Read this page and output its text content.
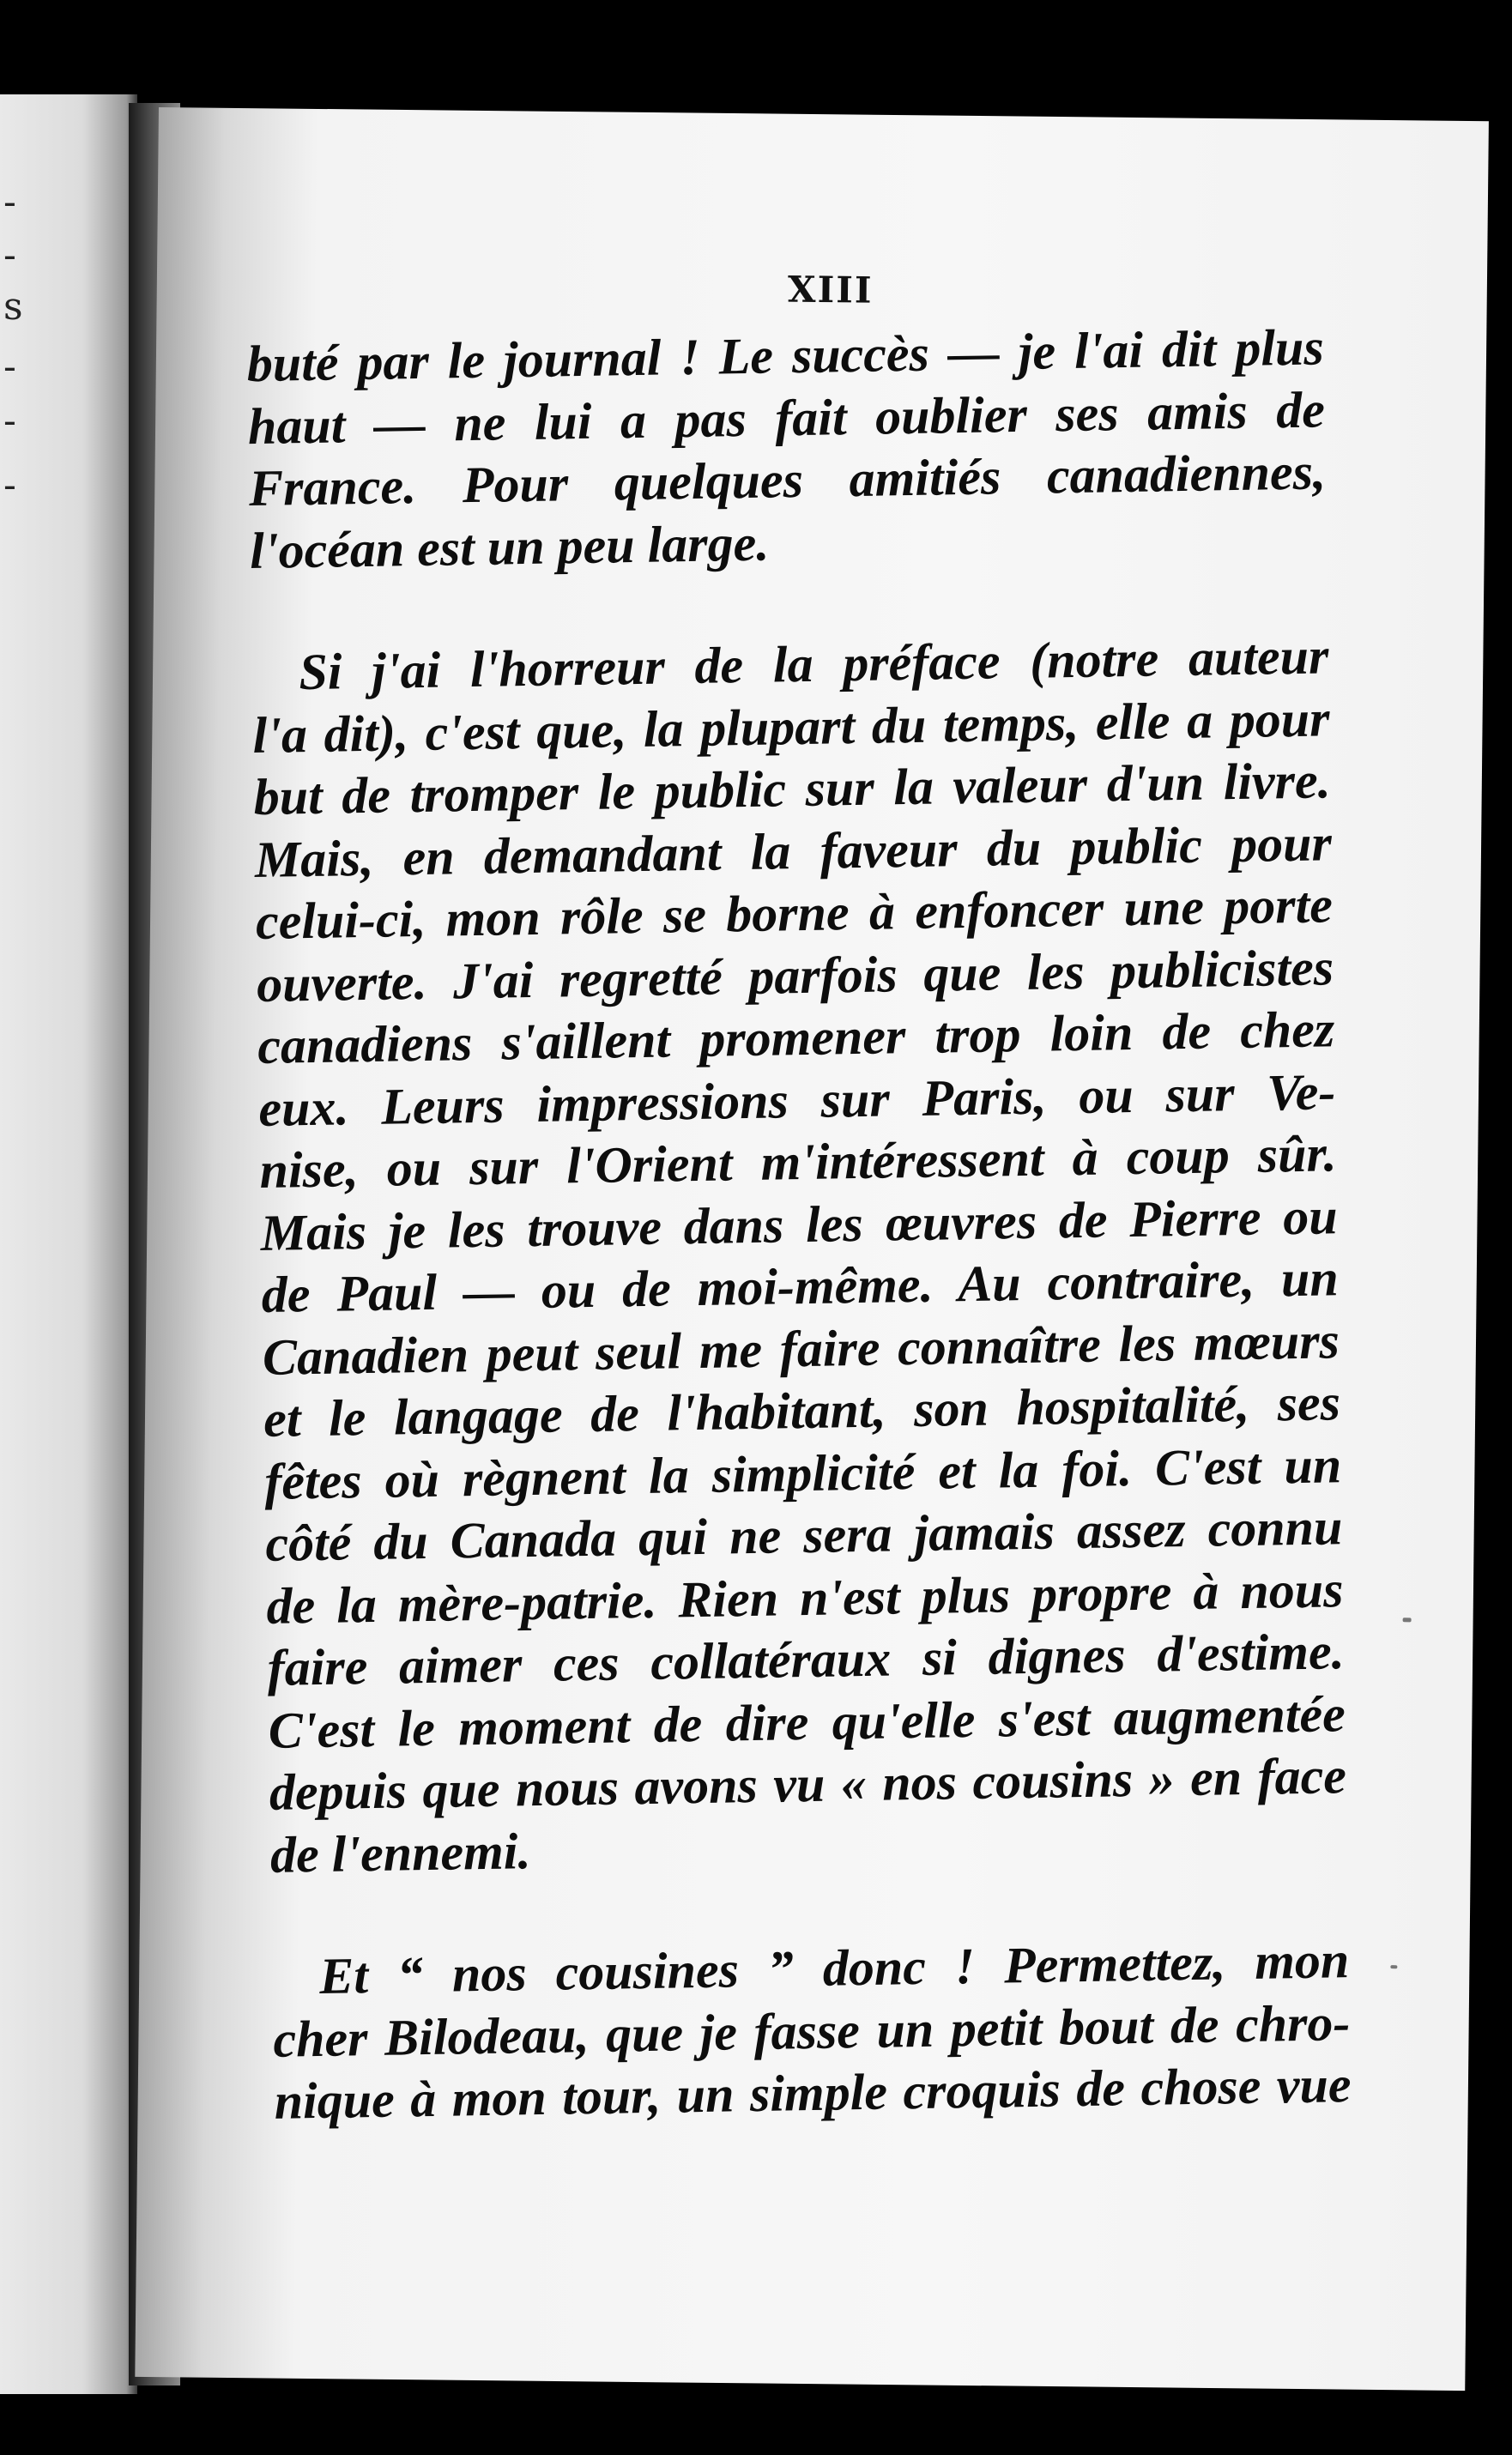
-
-
s
-
-
-
XIII

buté par le journal ! Le succès — je l'ai dit plus
haut — ne lui a pas fait oublier ses amis de
France. Pour quelques amitiés canadiennes,
l'océan est un peu large.

Si j'ai l'horreur de la préface (notre auteur
l'a dit), c'est que, la plupart du temps, elle a pour
but de tromper le public sur la valeur d'un livre.
Mais, en demandant la faveur du public pour
celui-ci, mon rôle se borne à enfoncer une porte
ouverte. J'ai regretté parfois que les publicistes
canadiens s'aillent promener trop loin de chez
eux. Leurs impressions sur Paris, ou sur Ve-
nise, ou sur l'Orient m'intéressent à coup sûr.
Mais je les trouve dans les œuvres de Pierre ou
de Paul — ou de moi-même. Au contraire, un
Canadien peut seul me faire connaître les mœurs
et le langage de l'habitant, son hospitalité, ses
fêtes où règnent la simplicité et la foi. C'est un
côté du Canada qui ne sera jamais assez connu
de la mère-patrie. Rien n'est plus propre à nous
faire aimer ces collatéraux si dignes d'estime.
C'est le moment de dire qu'elle s'est augmentée
depuis que nous avons vu « nos cousins » en face
de l'ennemi.

Et “ nos cousines ” donc ! Permettez, mon
cher Bilodeau, que je fasse un petit bout de chro-
nique à mon tour, un simple croquis de chose vue
